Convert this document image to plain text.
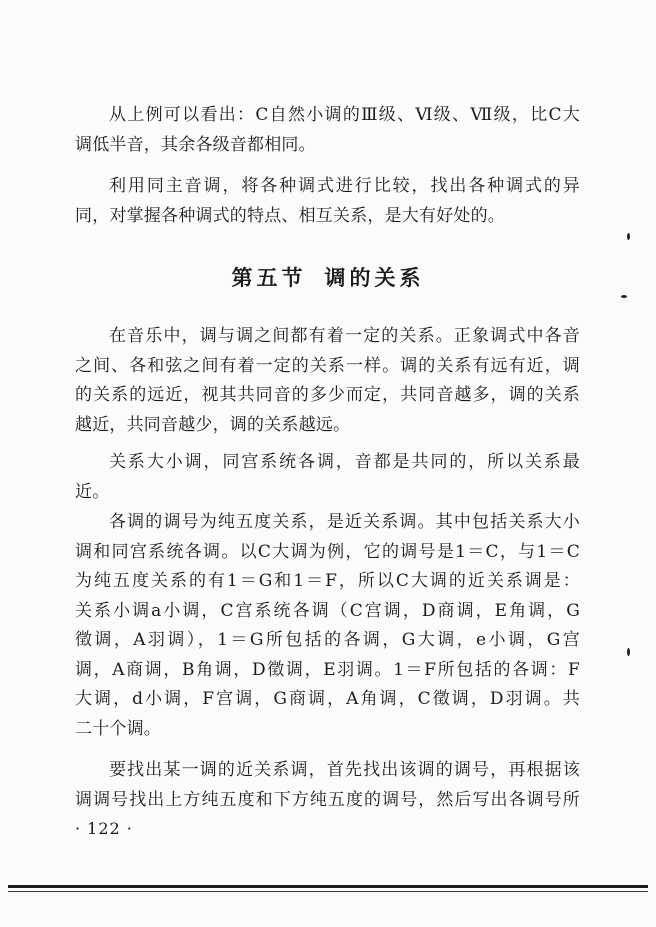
从上例可以看出：C自然小调的Ⅲ级、Ⅵ级、Ⅶ级，比C大
调低半音，其余各级音都相同。
利用同主音调，将各种调式进行比较，找出各种调式的异
同，对掌握各种调式的特点、相互关系，是大有好处的。
第五节 调的关系
在音乐中，调与调之间都有着一定的关系。正象调式中各音
之间、各和弦之间有着一定的关系一样。调的关系有远有近，调
的关系的远近，视其共同音的多少而定，共同音越多，调的关系
越近，共同音越少，调的关系越远。
关系大小调，同宫系统各调，音都是共同的，所以关系最
近。
各调的调号为纯五度关系，是近关系调。其中包括关系大小
调和同宫系统各调。以C大调为例，它的调号是1＝C，与1＝C
为纯五度关系的有1＝G和1＝F，所以C大调的近关系调是：
关系小调a小调，C宫系统各调（C宫调，D商调，E角调，G
徵调，A羽调），1＝G所包括的各调，G大调，e小调，G宫
调，A商调，B角调，D徵调，E羽调。1＝F所包括的各调：F
大调，d小调，F宫调，G商调，A角调，C徵调，D羽调。共
二十个调。
要找出某一调的近关系调，首先找出该调的调号，再根据该
调调号找出上方纯五度和下方纯五度的调号，然后写出各调号所
· 122 ·
